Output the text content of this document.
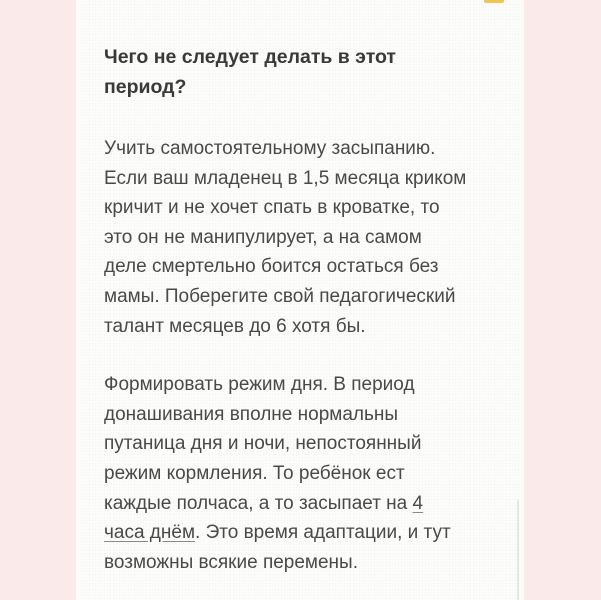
Чего не следует делать в этот
период?

Учить самостоятельному засыпанию.
Если ваш младенец в 1,5 месяца криком
кричит и не хочет спать в кроватке, то
это он не манипулирует, а на самом
деле смертельно боится остаться без
мамы. Поберегите свой педагогический
талант месяцев до 6 хотя бы.

Формировать режим дня. В период
донашивания вполне нормальны
путаница дня и ночи, непостоянный
режим кормления. То ребёнок ест
каждые полчаса, а то засыпает на 4
часа днём. Это время адаптации, и тут
возможны всякие перемены.
